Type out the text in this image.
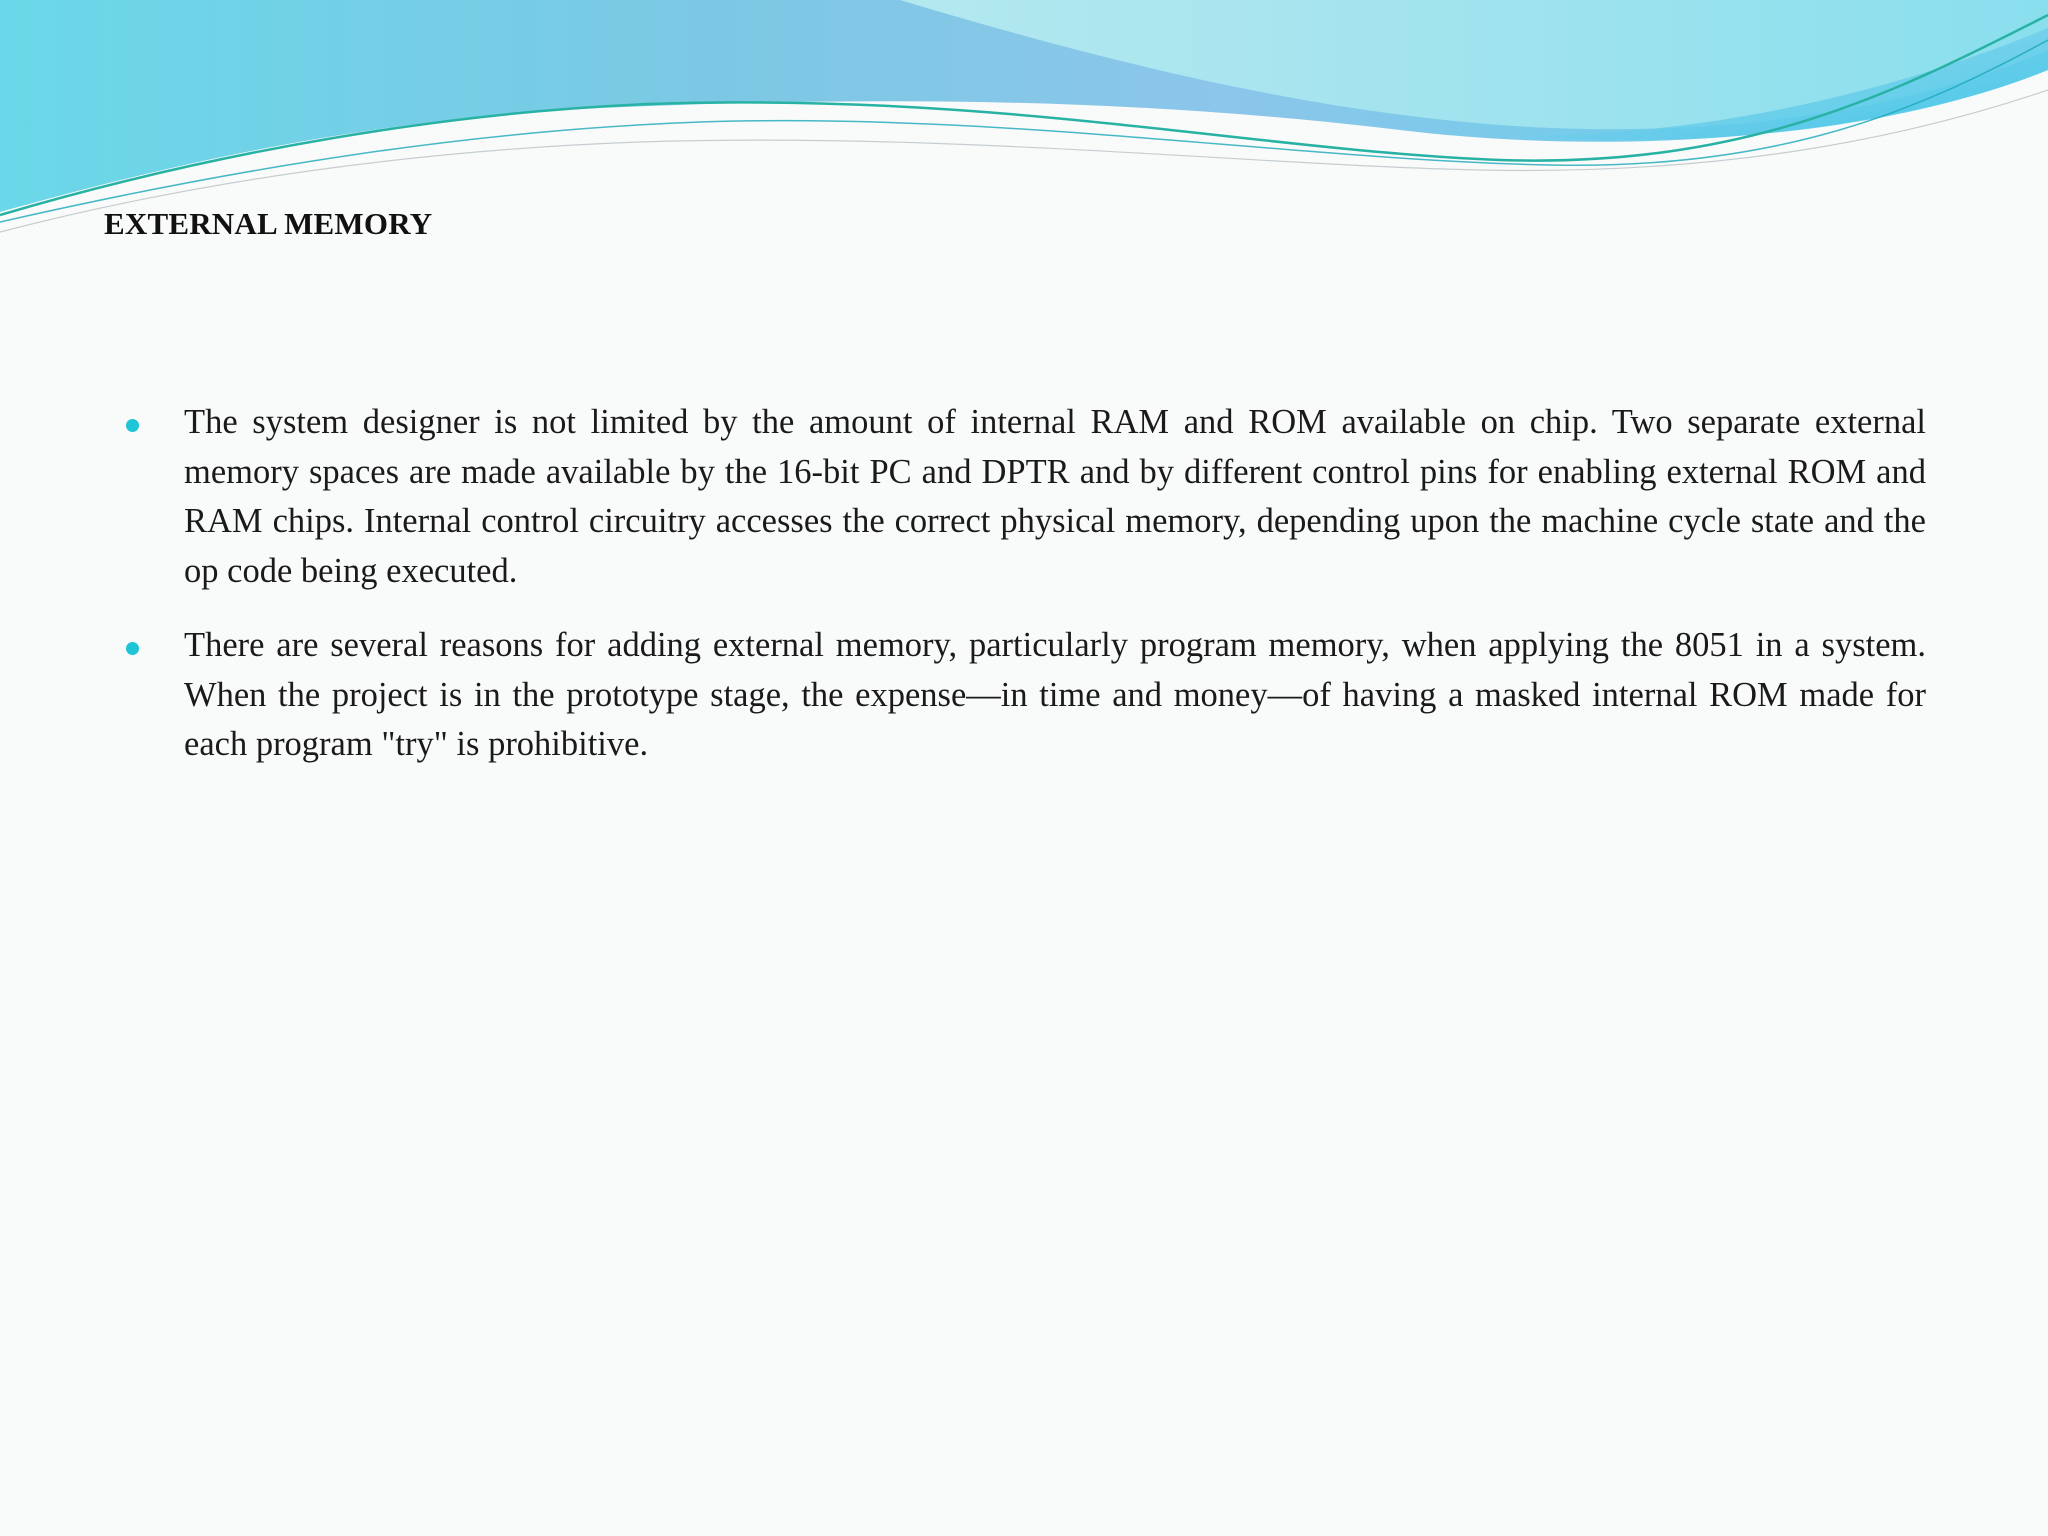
EXTERNAL MEMORY
The system designer is not limited by the amount of internal RAM and ROM available on chip. Two separate external memory spaces are made available by the 16-bit PC and DPTR and by different control pins for enabling external ROM and RAM chips. Internal control circuitry accesses the correct physical memory, depending upon the machine cycle state and the op code being executed.
There are several reasons for adding external memory, particularly program memory, when applying the 8051 in a system. When the project is in the prototype stage, the expense—in time and money—of having a masked internal ROM made for each program "try" is prohibitive.
